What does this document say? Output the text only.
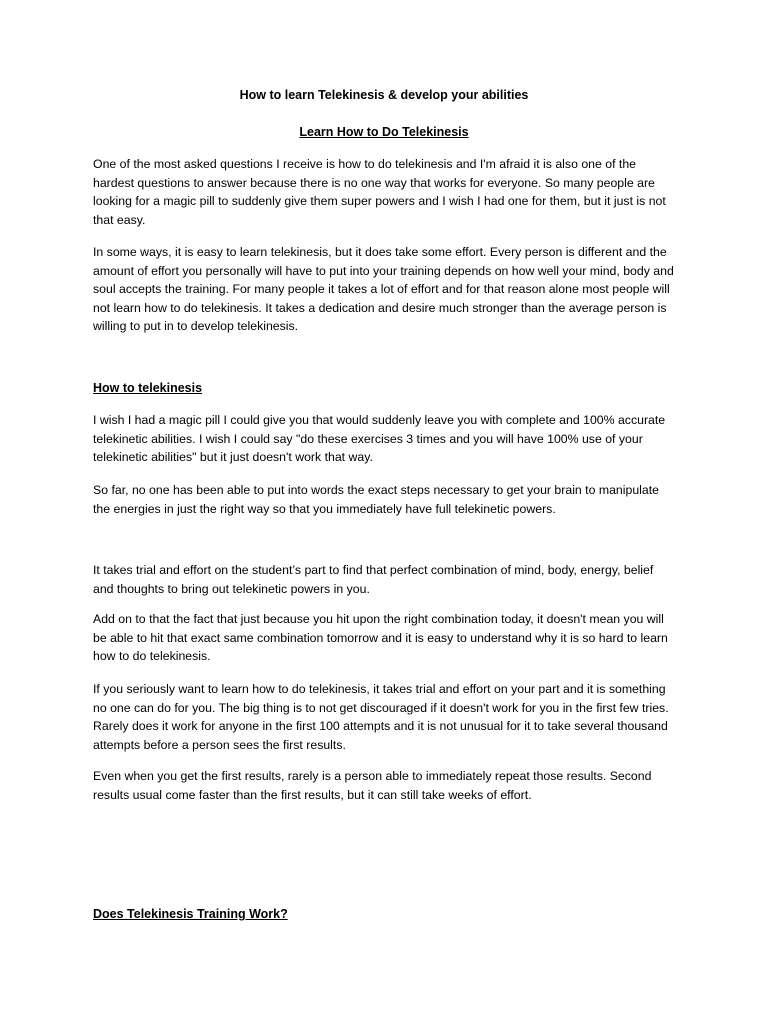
How to learn Telekinesis & develop your abilities

Learn How to Do Telekinesis

One of the most asked questions I receive is how to do telekinesis and I'm afraid it is also one of the hardest questions to answer because there is no one way that works for everyone. So many people are looking for a magic pill to suddenly give them super powers and I wish I had one for them, but it just is not that easy.

In some ways, it is easy to learn telekinesis, but it does take some effort. Every person is different and the amount of effort you personally will have to put into your training depends on how well your mind, body and soul accepts the training. For many people it takes a lot of effort and for that reason alone most people will not learn how to do telekinesis. It takes a dedication and desire much stronger than the average person is willing to put in to develop telekinesis.

How to telekinesis

I wish I had a magic pill I could give you that would suddenly leave you with complete and 100% accurate telekinetic abilities. I wish I could say "do these exercises 3 times and you will have 100% use of your telekinetic abilities" but it just doesn't work that way.

So far, no one has been able to put into words the exact steps necessary to get your brain to manipulate the energies in just the right way so that you immediately have full telekinetic powers.

It takes trial and effort on the student’s part to find that perfect combination of mind, body, energy, belief and thoughts to bring out telekinetic powers in you.

Add on to that the fact that just because you hit upon the right combination today, it doesn't mean you will be able to hit that exact same combination tomorrow and it is easy to understand why it is so hard to learn how to do telekinesis.

If you seriously want to learn how to do telekinesis, it takes trial and effort on your part and it is something no one can do for you. The big thing is to not get discouraged if it doesn't work for you in the first few tries. Rarely does it work for anyone in the first 100 attempts and it is not unusual for it to take several thousand attempts before a person sees the first results.

Even when you get the first results, rarely is a person able to immediately repeat those results. Second results usual come faster than the first results, but it can still take weeks of effort.

Does Telekinesis Training Work?
